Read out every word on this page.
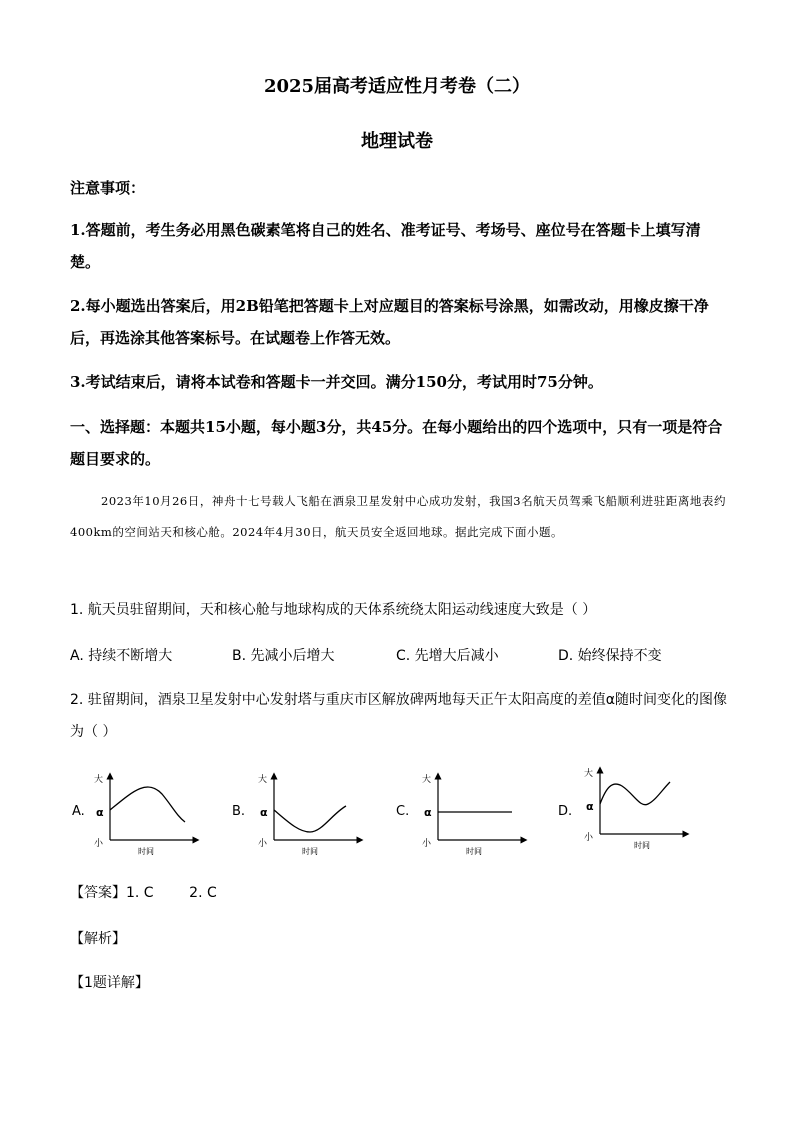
2025届高考适应性月考卷（二）
地理试卷
注意事项：
1.答题前，考生务必用黑色碳素笔将自己的姓名、准考证号、考场号、座位号在答题卡上填写清楚。
2.每小题选出答案后，用2B铅笔把答题卡上对应题目的答案标号涂黑，如需改动，用橡皮擦干净后，再选涂其他答案标号。在试题卷上作答无效。
3.考试结束后，请将本试卷和答题卡一并交回。满分150分，考试用时75分钟。
一、选择题：本题共15小题，每小题3分，共45分。在每小题给出的四个选项中，只有一项是符合题目要求的。
2023年10月26日，神舟十七号载人飞船在酒泉卫星发射中心成功发射，我国3名航天员驾乘飞船顺利进驻距离地表约400km的空间站天和核心舱。2024年4月30日，航天员安全返回地球。据此完成下面小题。
1. 航天员驻留期间，天和核心舱与地球构成的天体系统绕太阳运动线速度大致是（ ）
A. 持续不断增大	B. 先减小后增大	C. 先增大后减小	D. 始终保持不变
2. 驻留期间，酒泉卫星发射中心发射塔与重庆市区解放碑两地每天正午太阳高度的差值α随时间变化的图像为（ ）
A.
大
α
小
时间
B.
大
α
小
时间
C.
大
α
小
时间
D.
大
α
小
时间
【答案】1. C        2. C
【解析】
【1题详解】
